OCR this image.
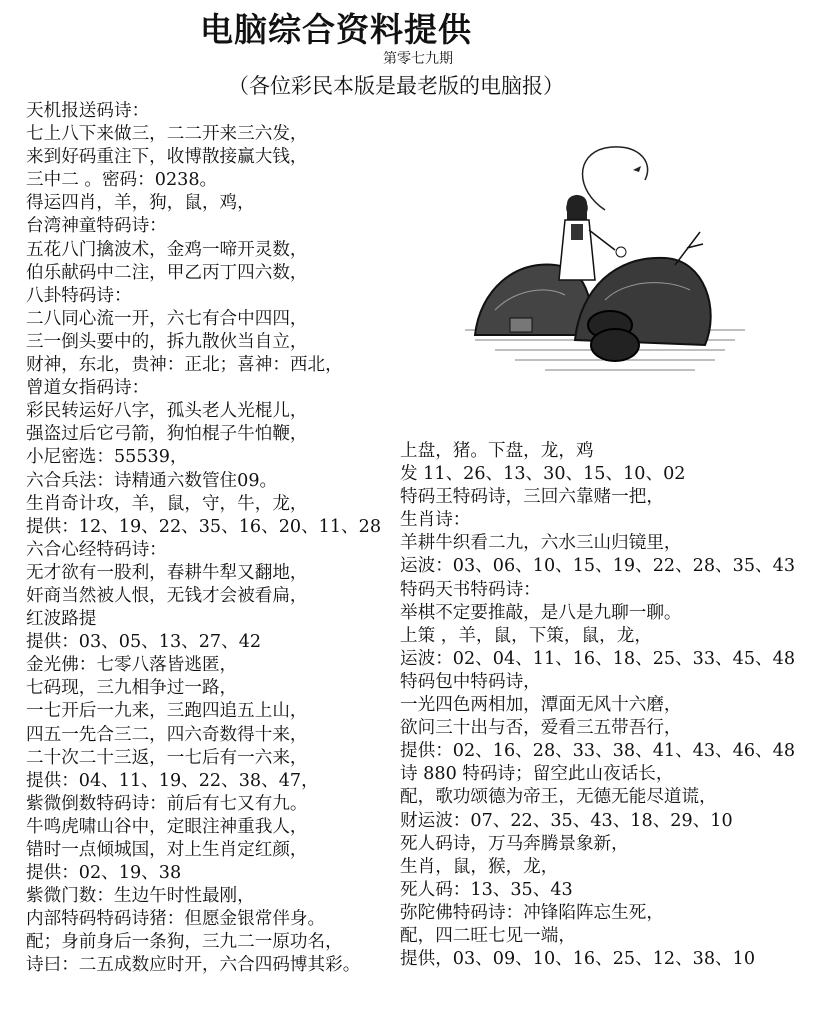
电脑综合资料提供
第零七九期
（各位彩民本版是最老版的电脑报）
天机报送码诗：
七上八下来做三，二二开来三六发，
来到好码重注下，收博散接赢大钱，
三中二 。密码：0238。
得运四肖，羊，狗，鼠，鸡，
台湾神童特码诗：
五花八门擒波术，金鸡一啼开灵数，
伯乐献码中二注，甲乙丙丁四六数，
八卦特码诗：
二八同心流一开，六七有合中四四，
三一倒头要中的，拆九散伙当自立，
财神，东北，贵神：正北；喜神：西北，
曾道女指码诗：
彩民转运好八字，孤头老人光棍儿，
强盗过后它弓箭，狗怕棍子牛怕鞭，
小尼密选：55539，
六合兵法：诗精通六数管住09。
生肖奇计攻，羊，鼠，守，牛，龙，
提供：12、19、22、35、16、20、11、28
六合心经特码诗：
无才欲有一股利，春耕牛犁又翻地，
奸商当然被人恨，无钱才会被看扁，
红波路提
提供：03、05、13、27、42
金光佛：七零八落皆逃匿，
七码现，三九相争过一路，
一七开后一九来，三跑四追五上山，
四五一先合三二，四六奇数得十来，
二十次二十三返，一七后有一六来，
提供：04、11、19、22、38、47，
紫微倒数特码诗：前后有七又有九。
牛鸣虎啸山谷中，定眼注神重我人，
错时一点倾城国，对上生肖定红颜，
提供：02、19、38
紫微门数：生边午时性最刚，
内部特码特码诗猪：但愿金银常伴身。
配；身前身后一条狗，三九二一原功名，
诗曰：二五成数应时开，六合四码博其彩。
上盘，猪。下盘，龙，鸡
发 11、26、13、30、15、10、02
特码王特码诗，三回六靠赌一把，
生肖诗：
羊耕牛织看二九，六水三山归镜里，
运波：03、06、10、15、19、22、28、35、43
特码天书特码诗：
举棋不定要推敲，是八是九聊一聊。
上策 ，羊，鼠，下策，鼠，龙，
运波：02、04、11、16、18、25、33、45、48
特码包中特码诗，
一光四色两相加，潭面无风十六磨，
欲问三十出与否，爱看三五带吾行，
提供：02、16、28、33、38、41、43、46、48
诗 880 特码诗；留空此山夜话长，
配，歌功颂德为帝王，无德无能尽道谎，
财运波：07、22、35、43、18、29、10
死人码诗，万马奔腾景象新，
生肖，鼠，猴，龙，
死人码：13、35、43
弥陀佛特码诗：冲锋陷阵忘生死，
配，四二旺七见一端，
提供，03、09、10、16、25、12、38、10
